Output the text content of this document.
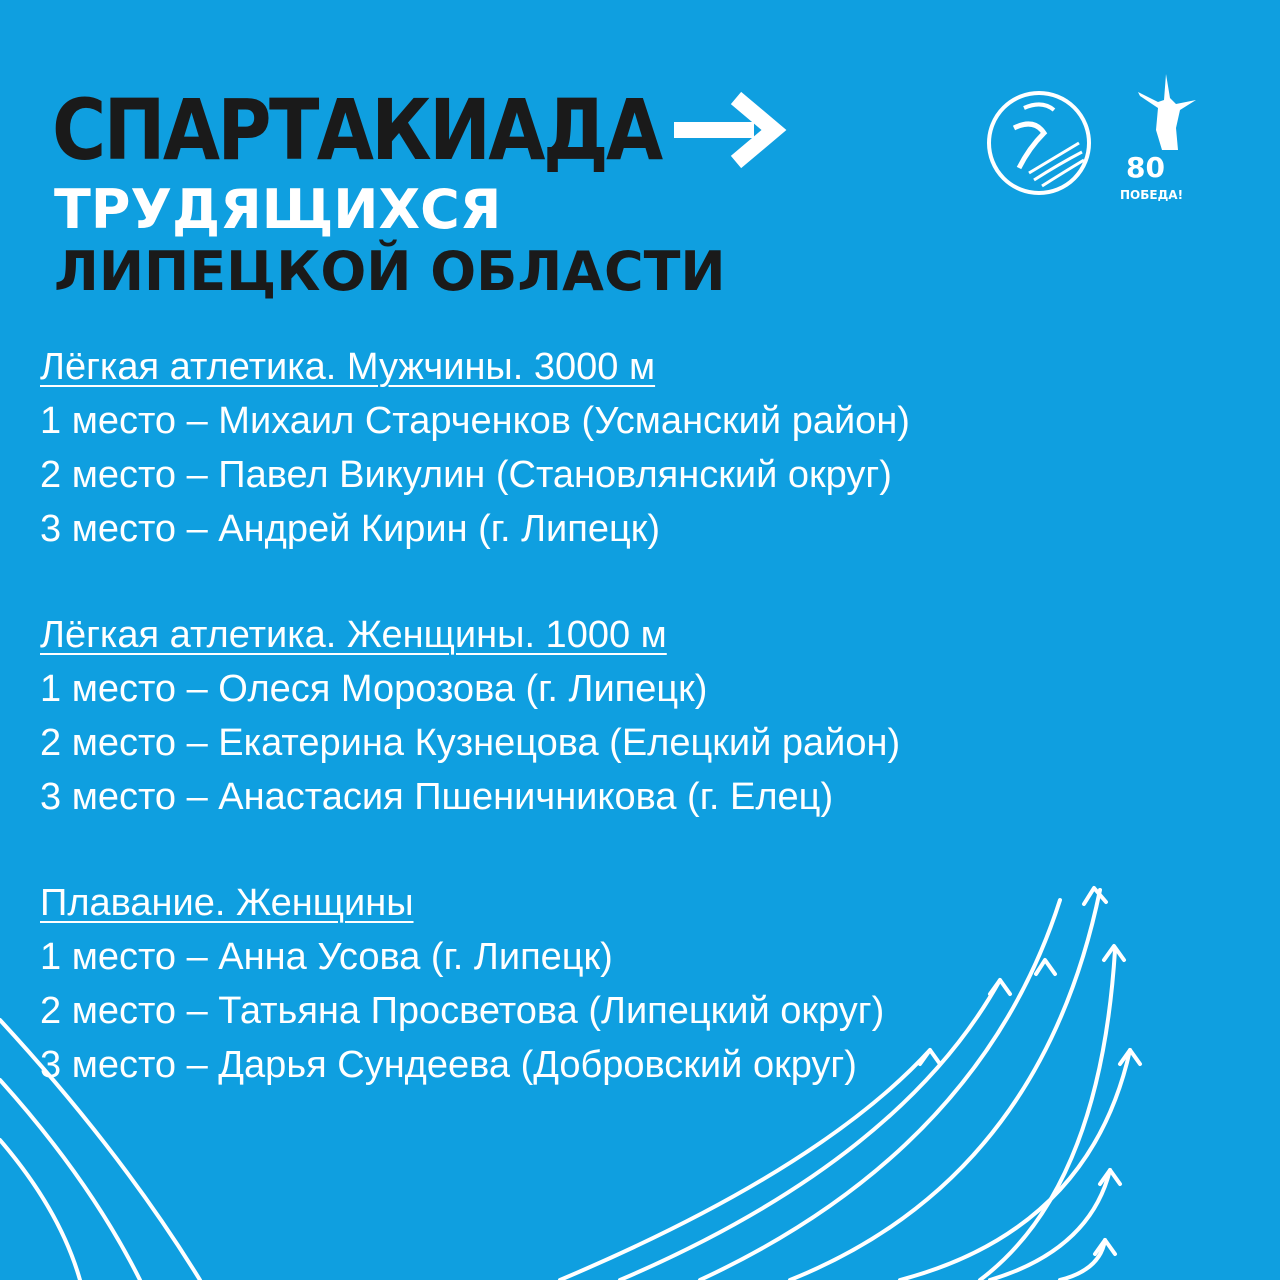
СПАРТАКИАДА
ТРУДЯЩИХСЯ
ЛИПЕЦКОЙ ОБЛАСТИ
80
ПОБЕДА!
Лёгкая атлетика. Мужчины. 3000 м
1 место – Михаил Старченков (Усманский район)
2 место – Павел Викулин (Становлянский округ)
3 место – Андрей Кирин (г. Липецк)
Лёгкая атлетика. Женщины. 1000 м
1 место – Олеся Морозова (г. Липецк)
2 место – Екатерина Кузнецова (Елецкий район)
3 место – Анастасия Пшеничникова (г. Елец)
Плавание. Женщины
1 место – Анна Усова (г. Липецк)
2 место – Татьяна Просветова (Липецкий округ)
3 место – Дарья Сундеева (Добровский округ)
